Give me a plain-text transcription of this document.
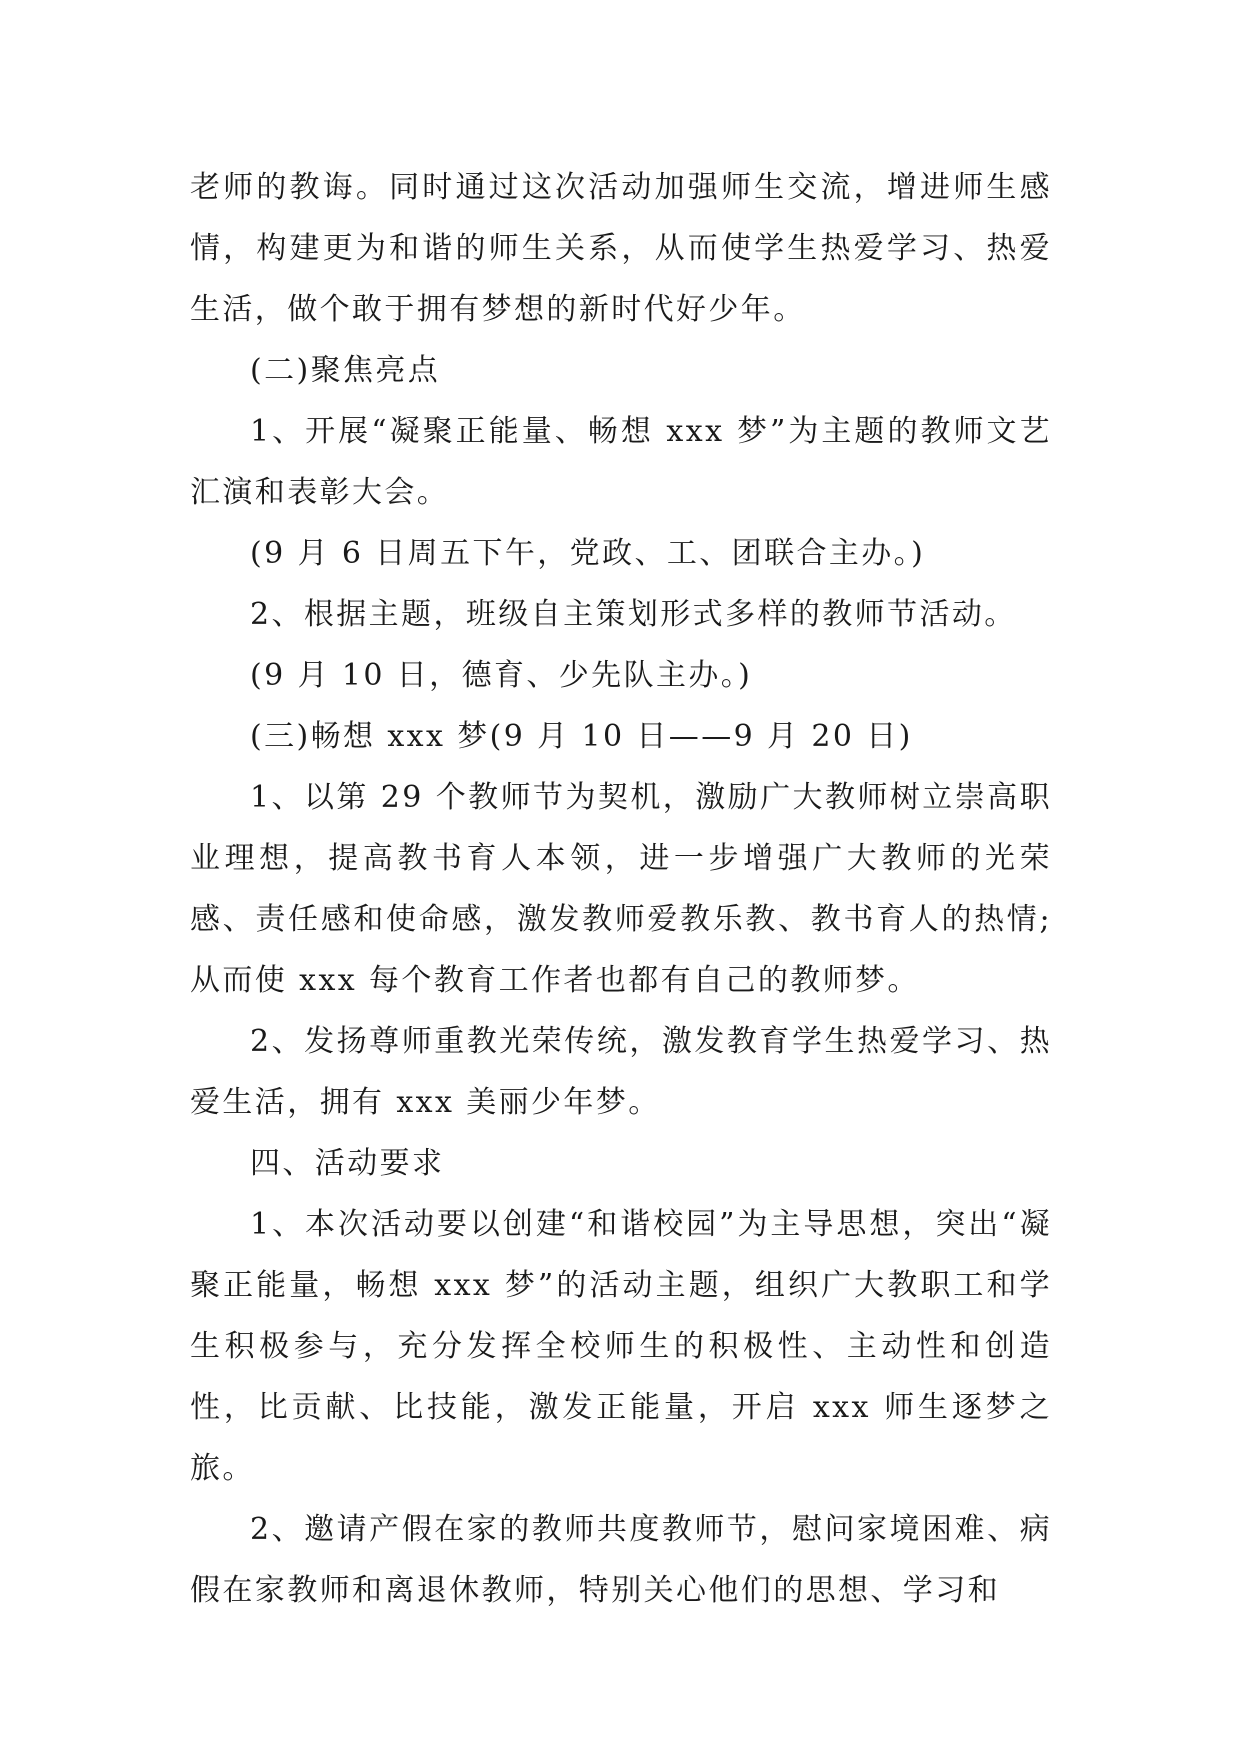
老师的教诲。同时通过这次活动加强师生交流，增进师生感情，构建更为和谐的师生关系，从而使学生热爱学习、热爱生活，做个敢于拥有梦想的新时代好少年。

(二)聚焦亮点

1、开展“凝聚正能量、畅想 xxx 梦”为主题的教师文艺汇演和表彰大会。

(9 月 6 日周五下午，党政、工、团联合主办。)

2、根据主题，班级自主策划形式多样的教师节活动。

(9 月 10 日，德育、少先队主办。)

(三)畅想 xxx 梦(9 月 10 日——9 月 20 日)

1、以第 29 个教师节为契机，激励广大教师树立崇高职业理想，提高教书育人本领，进一步增强广大教师的光荣感、责任感和使命感，激发教师爱教乐教、教书育人的热情;从而使 xxx 每个教育工作者也都有自己的教师梦。

2、发扬尊师重教光荣传统，激发教育学生热爱学习、热爱生活，拥有 xxx 美丽少年梦。

四、活动要求

1、本次活动要以创建“和谐校园”为主导思想，突出“凝聚正能量，畅想 xxx 梦”的活动主题，组织广大教职工和学生积极参与，充分发挥全校师生的积极性、主动性和创造性，比贡献、比技能，激发正能量，开启 xxx 师生逐梦之旅。

2、邀请产假在家的教师共度教师节，慰问家境困难、病假在家教师和离退休教师，特别关心他们的思想、学习和
